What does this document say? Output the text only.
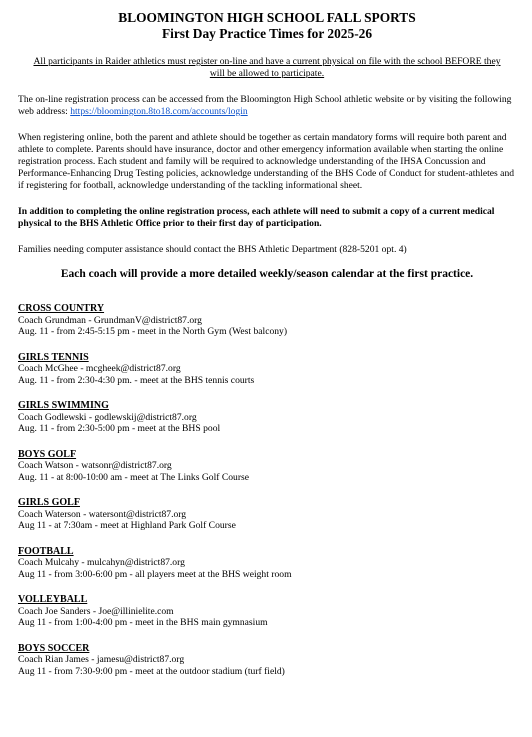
BLOOMINGTON HIGH SCHOOL FALL SPORTS
First Day Practice Times for 2025-26

All participants in Raider athletics must register on-line and have a current physical on file with the school BEFORE they will be allowed to participate.

The on-line registration process can be accessed from the Bloomington High School athletic website or by visiting the following web address: https://bloomington.8to18.com/accounts/login

When registering online, both the parent and athlete should be together as certain mandatory forms will require both parent and athlete to complete. Parents should have insurance, doctor and other emergency information available when starting the online registration process. Each student and family will be required to acknowledge understanding of the IHSA Concussion and Performance-Enhancing Drug Testing policies, acknowledge understanding of the BHS Code of Conduct for student-athletes and if registering for football, acknowledge understanding of the tackling informational sheet.

In addition to completing the online registration process, each athlete will need to submit a copy of a current medical physical to the BHS Athletic Office prior to their first day of participation.

Families needing computer assistance should contact the BHS Athletic Department (828-5201 opt. 4)

Each coach will provide a more detailed weekly/season calendar at the first practice.

CROSS COUNTRY
Coach Grundman - GrundmanV@district87.org
Aug. 11 - from 2:45-5:15 pm - meet in the North Gym (West balcony)
GIRLS TENNIS
Coach McGhee - mcgheek@district87.org
Aug. 11 - from 2:30-4:30 pm. - meet at the BHS tennis courts
GIRLS SWIMMING
Coach Godlewski - godlewskij@district87.org
Aug. 11 - from 2:30-5:00 pm - meet at the BHS pool
BOYS GOLF
Coach Watson - watsonr@district87.org
Aug. 11 - at 8:00-10:00 am - meet at The Links Golf Course
GIRLS GOLF
Coach Waterson - watersont@district87.org
Aug 11 - at 7:30am - meet at Highland Park Golf Course
FOOTBALL
Coach Mulcahy - mulcahyn@district87.org
Aug 11 - from 3:00-6:00 pm - all players meet at the BHS weight room
VOLLEYBALL
Coach Joe Sanders - Joe@illinielite.com
Aug 11 - from 1:00-4:00 pm - meet in the BHS main gymnasium
BOYS SOCCER
Coach Rian James - jamesu@district87.org
Aug 11 - from 7:30-9:00 pm - meet at the outdoor stadium (turf field)
